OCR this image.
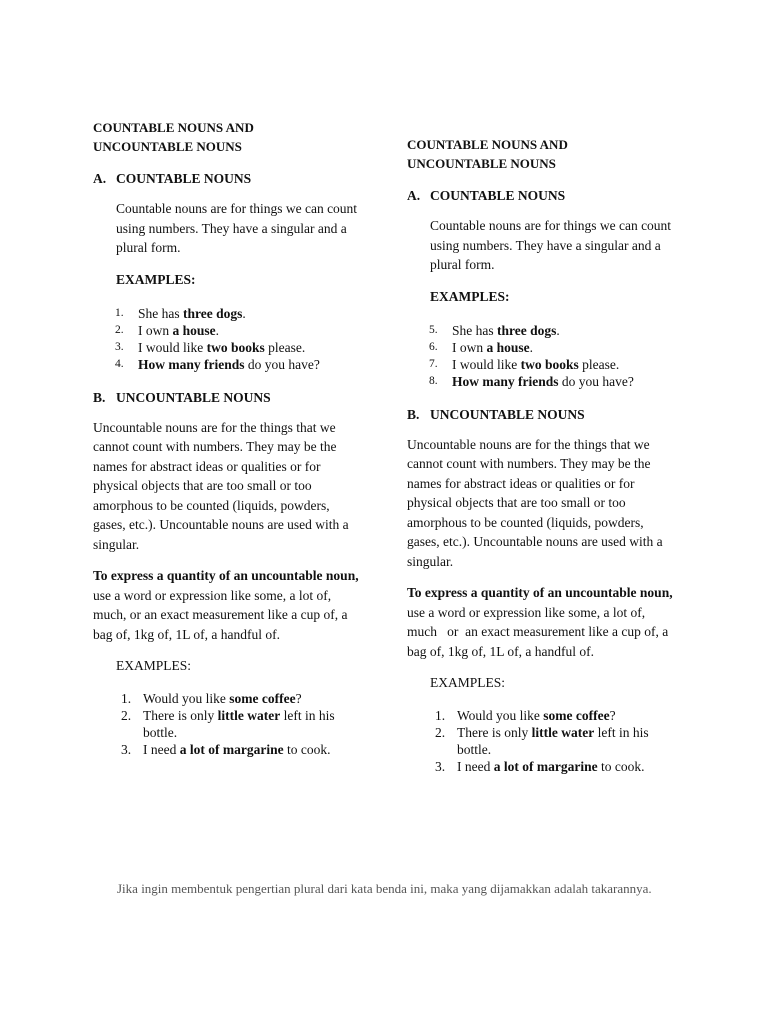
COUNTABLE NOUNS AND
UNCOUNTABLE NOUNS
A. COUNTABLE NOUNS
Countable nouns are for things we can count using numbers. They have a singular and a plural form.
EXAMPLES:
1.	She has three dogs.
2.	I own a house.
3.	I would like two books please.
4.	How many friends do you have?
B. UNCOUNTABLE NOUNS
Uncountable nouns are for the things that we cannot count with numbers. They may be the names for abstract ideas or qualities or for physical objects that are too small or too amorphous to be counted (liquids, powders, gases, etc.). Uncountable nouns are used with a singular.
To express a quantity of an uncountable noun, use a word or expression like some, a lot of, much, or an exact measurement like a cup of, a bag of, 1kg of, 1L of, a handful of.
EXAMPLES:
1. Would you like some coffee?
2. There is only little water left in his bottle.
3. I need a lot of margarine to cook.
COUNTABLE NOUNS AND
UNCOUNTABLE NOUNS
A. COUNTABLE NOUNS
Countable nouns are for things we can count using numbers. They have a singular and a plural form.
EXAMPLES:
5.	She has three dogs.
6.	I own a house.
7.	I would like two books please.
8.	How many friends do you have?
B. UNCOUNTABLE NOUNS
Uncountable nouns are for the things that we cannot count with numbers. They may be the names for abstract ideas or qualities or for physical objects that are too small or too amorphous to be counted (liquids, powders, gases, etc.). Uncountable nouns are used with a singular.
To express a quantity of an uncountable noun, use a word or expression like some, a lot of, much   or  an exact measurement like a cup of, a bag of, 1kg of, 1L of, a handful of.
EXAMPLES:
1. Would you like some coffee?
2. There is only little water left in his bottle.
3. I need a lot of margarine to cook.
Jika ingin membentuk pengertian plural dari kata benda ini, maka yang dijamakkan adalah takarannya.
